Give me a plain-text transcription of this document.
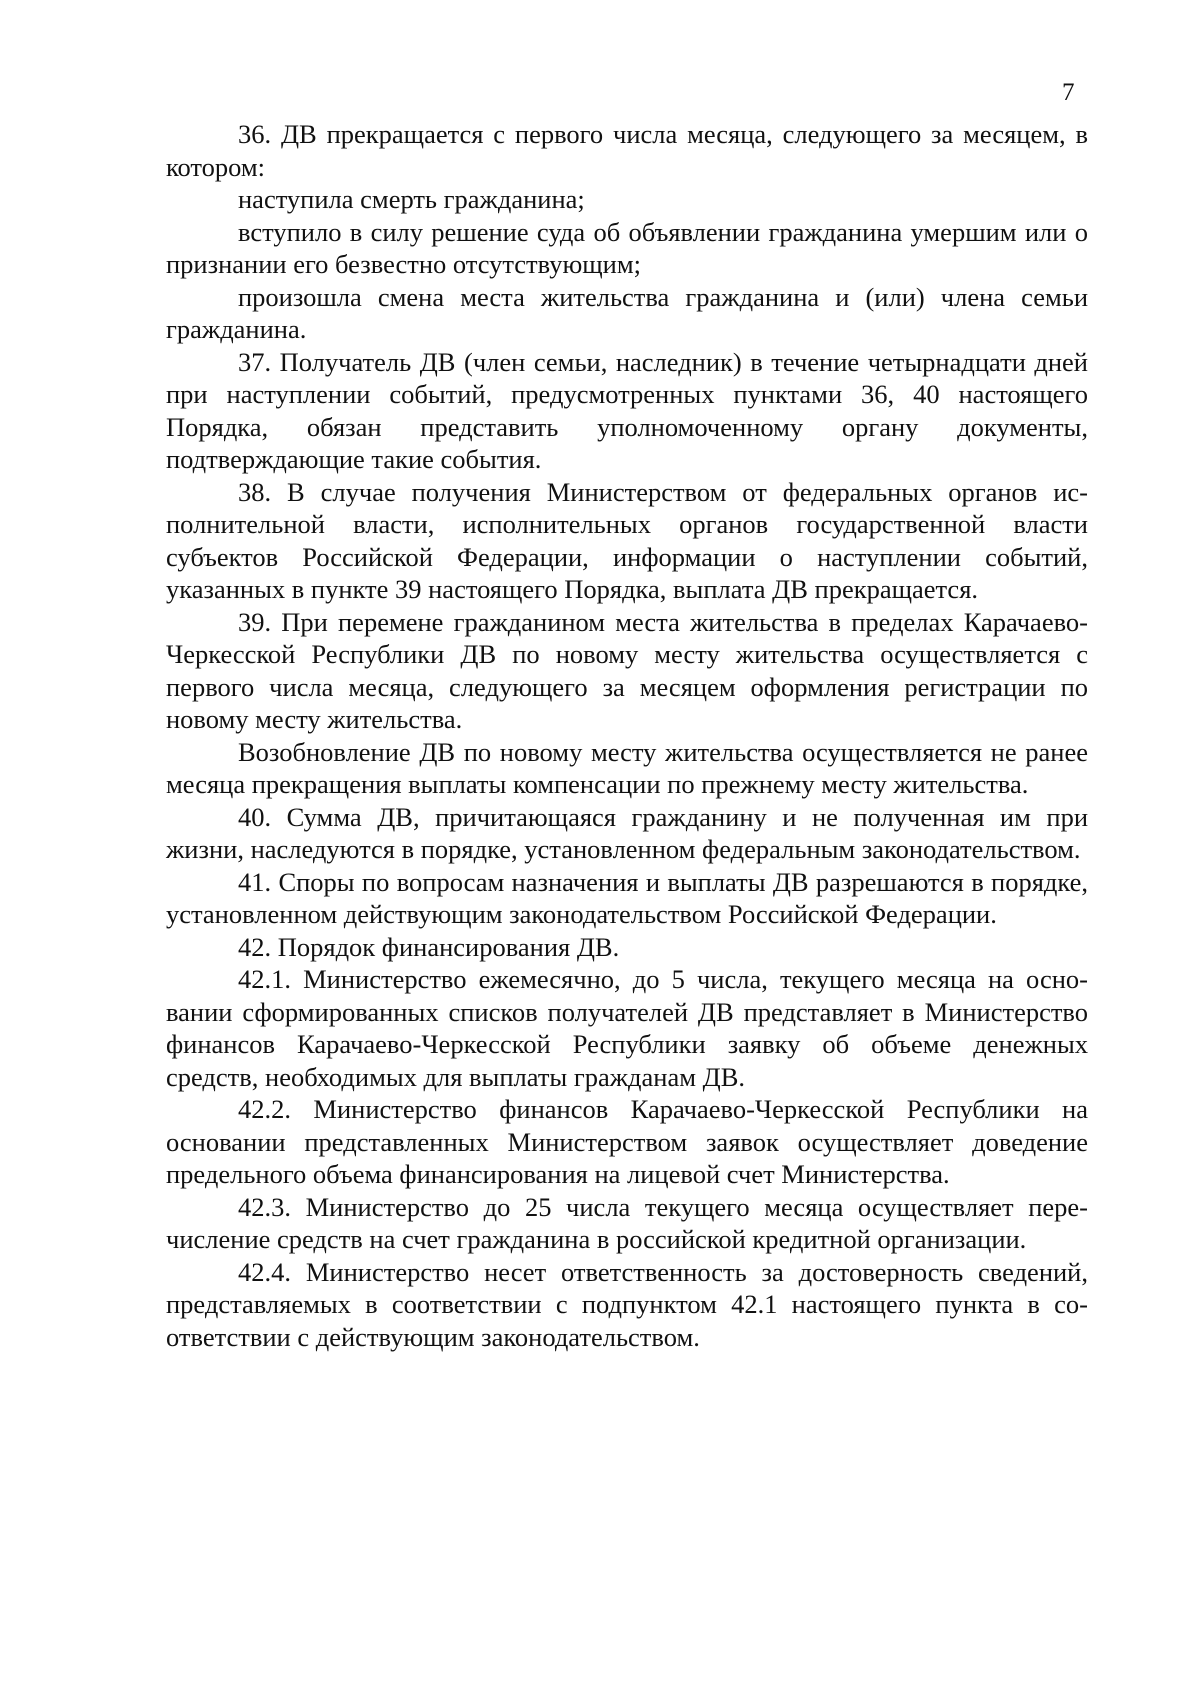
7

36. ДВ прекращается с первого числа месяца, следующего за месяцем, в котором:

наступила смерть гражданина;

вступило в силу решение суда об объявлении гражданина умершим или о признании его безвестно отсутствующим;

произошла смена места жительства гражданина и (или) члена семьи гражданина.

37. Получатель ДВ (член семьи, наследник) в течение четырнадцати дней при наступлении событий, предусмотренных пунктами 36, 40 настоящего Порядка, обязан представить уполномоченному органу документы, подтверждающие такие события.

38. В случае получения Министерством от федеральных органов исполнительной власти, исполнительных органов государственной власти субъектов Российской Федерации, информации о наступлении событий, указанных в пункте 39 настоящего Порядка, выплата ДВ прекращается.

39. При перемене гражданином места жительства в пределах Карачаево-Черкесской Республики ДВ по новому месту жительства осуществляется с первого числа месяца, следующего за месяцем оформления регистрации по новому месту жительства.

Возобновление ДВ по новому месту жительства осуществляется не ранее месяца прекращения выплаты компенсации по прежнему месту жительства.

40. Сумма ДВ, причитающаяся гражданину и не полученная им при жизни, наследуются в порядке, установленном федеральным законодательством.

41. Споры по вопросам назначения и выплаты ДВ разрешаются в порядке, установленном действующим законодательством Российской Федерации.

42. Порядок финансирования ДВ.

42.1. Министерство ежемесячно, до 5 числа, текущего месяца на основании сформированных списков получателей ДВ представляет в Министерство финансов Карачаево-Черкесской Республики заявку об объеме денежных средств, необходимых для выплаты гражданам ДВ.

42.2. Министерство финансов Карачаево-Черкесской Республики на основании представленных Министерством заявок осуществляет доведение предельного объема финансирования на лицевой счет Министерства.

42.3. Министерство до 25 числа текущего месяца осуществляет перечисление средств на счет гражданина в российской кредитной организации.

42.4. Министерство несет ответственность за достоверность сведений, представляемых в соответствии с подпунктом 42.1 настоящего пункта в соответствии с действующим законодательством.
